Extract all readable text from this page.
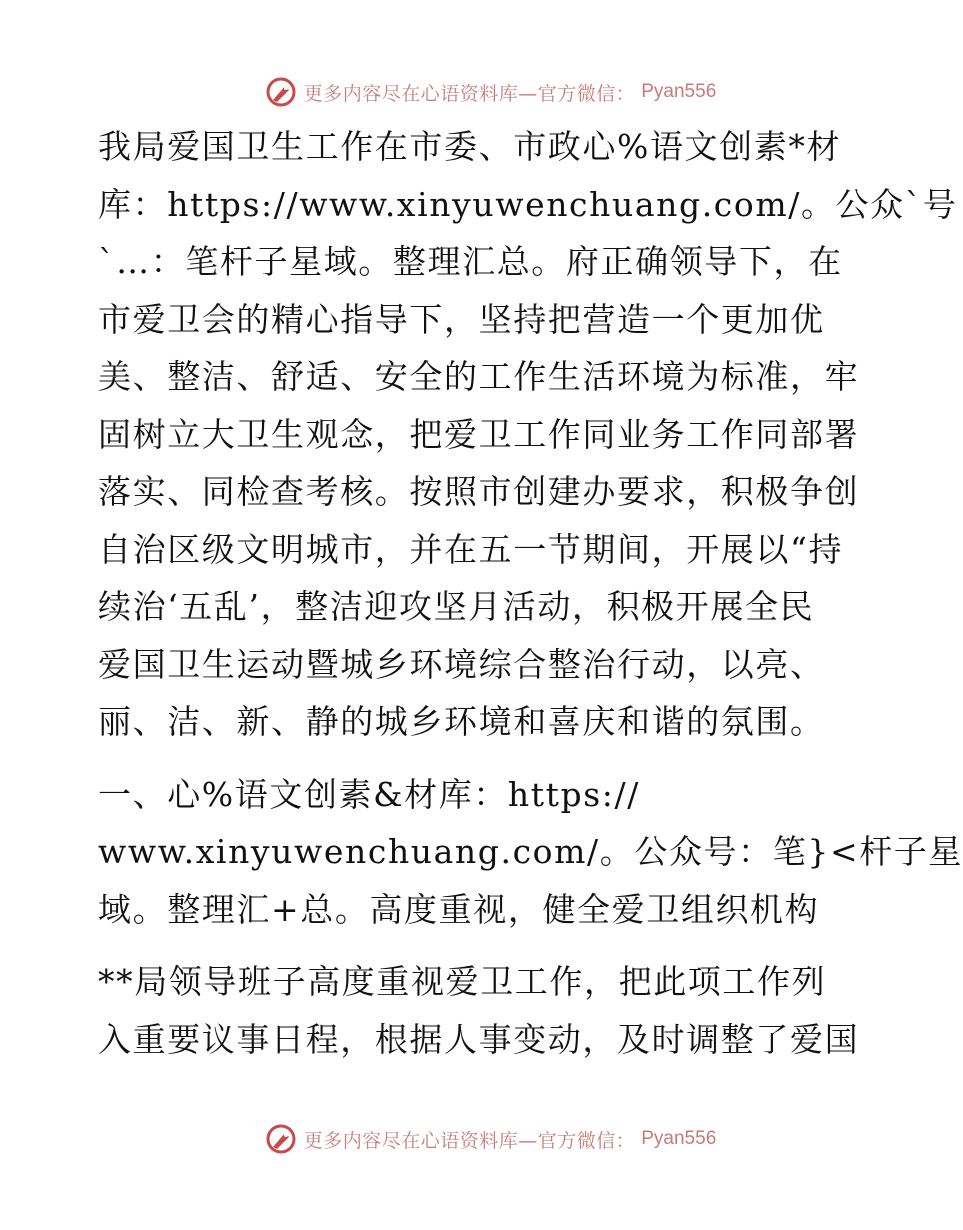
更多内容尽在心语资料库—官方微信： Pyan556
我局爱国卫生工作在市委、市政心%语文创素*材
库：https://www.xinyuwenchuang.com/。公众`号
`…：笔杆子星域。整理汇总。府正确领导下，在
市爱卫会的精心指导下，坚持把营造一个更加优
美、整洁、舒适、安全的工作生活环境为标准，牢
固树立大卫生观念，把爱卫工作同业务工作同部署
落实、同检查考核。按照市创建办要求，积极争创
自治区级文明城市，并在五一节期间，开展以“持
续治‘五乱’，整洁迎攻坚月活动，积极开展全民
爱国卫生运动暨城乡环境综合整治行动，以亮、
丽、洁、新、静的城乡环境和喜庆和谐的氛围。
一、心%语文创素&材库：https://
www.xinyuwenchuang.com/。公众号：笔}<杆子星
域。整理汇+总。高度重视，健全爱卫组织机构
**局领导班子高度重视爱卫工作，把此项工作列
入重要议事日程，根据人事变动，及时调整了爱国
更多内容尽在心语资料库—官方微信： Pyan556
